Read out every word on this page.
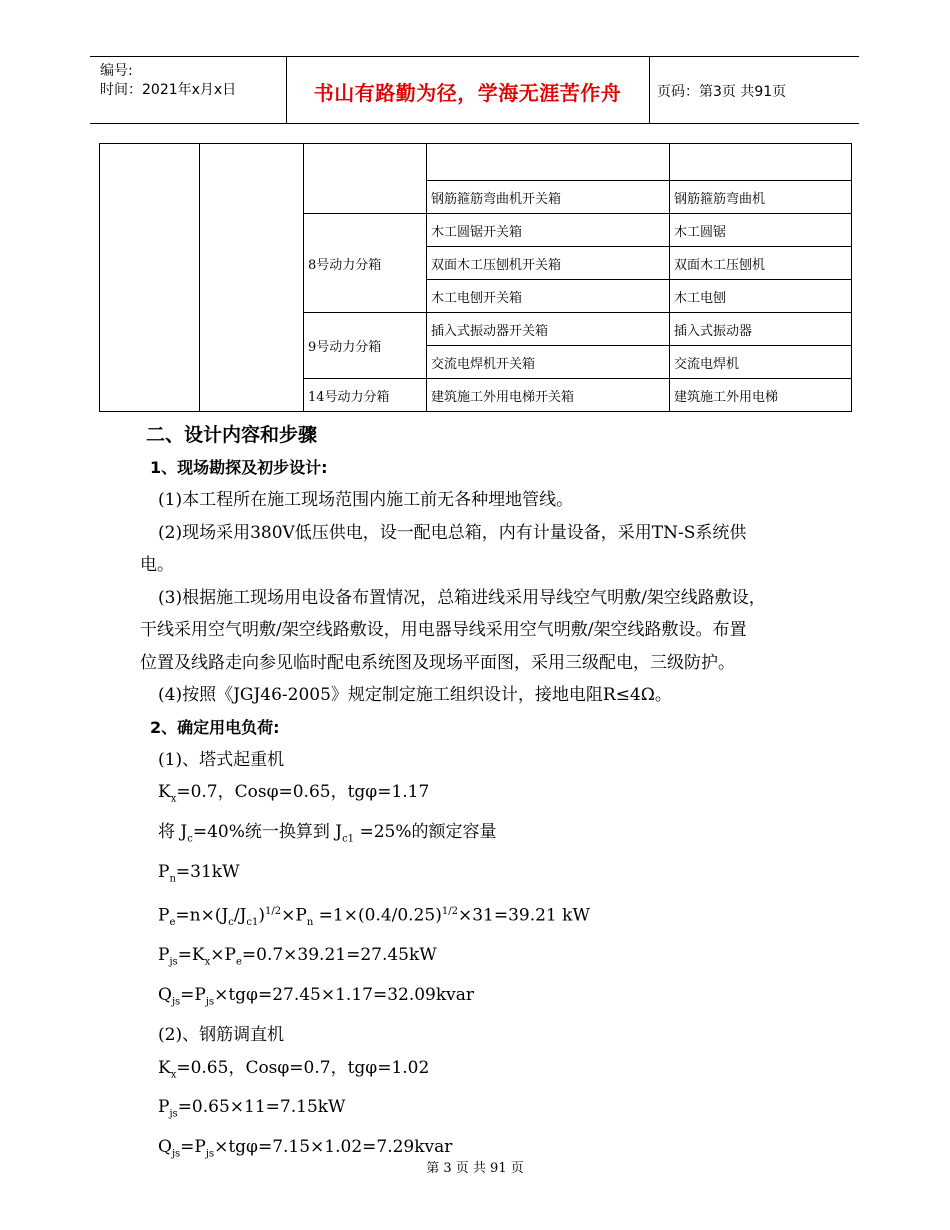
编号:
时间：2021年x月x日	书山有路勤为径，学海无涯苦作舟	页码：第3页 共91页

			钢筋箍筋弯曲机开关箱	钢筋箍筋弯曲机
		8号动力分箱	木工圆锯开关箱	木工圆锯
			双面木工压刨机开关箱	双面木工压刨机
			木工电刨开关箱	木工电刨
		9号动力分箱	插入式振动器开关箱	插入式振动器
			交流电焊机开关箱	交流电焊机
		14号动力分箱	建筑施工外用电梯开关箱	建筑施工外用电梯
二、设计内容和步骤
1、现场勘探及初步设计:
(1)本工程所在施工现场范围内施工前无各种埋地管线。
(2)现场采用380V低压供电，设一配电总箱，内有计量设备，采用TN-S系统供
电。
(3)根据施工现场用电设备布置情况，总箱进线采用导线空气明敷/架空线路敷设，
干线采用空气明敷/架空线路敷设，用电器导线采用空气明敷/架空线路敷设。布置
位置及线路走向参见临时配电系统图及现场平面图，采用三级配电，三级防护。
(4)按照《JGJ46-2005》规定制定施工组织设计，接地电阻R≤4Ω。
2、确定用电负荷:
(1)、塔式起重机
$K_x=0.7$，Cosφ=0.65，tgφ=1.17
将 $J_c=40\%$统一换算到 $J_{c1} =25\%$的额定容量
$P_n=31kW$
$P_e=n\times(J_c/J_{c1})^{1/2}\times P_n =1\times(0.4/0.25)^{1/2}\times 31=39.21$ kW
$P_{js}=K_x\times P_e=0.7\times 39.21=27.45kW$
$Q_{js}=P_{js}\times tg\varphi=27.45\times 1.17=32.09kvar$
(2)、钢筋调直机
$K_x=0.65$，Cosφ=0.7，tgφ=1.02
$P_{js}=0.65\times 11=7.15kW$
$Q_{js}=P_{js}\times tg\varphi=7.15\times 1.02=7.29kvar$
第 3 页 共 91 页
